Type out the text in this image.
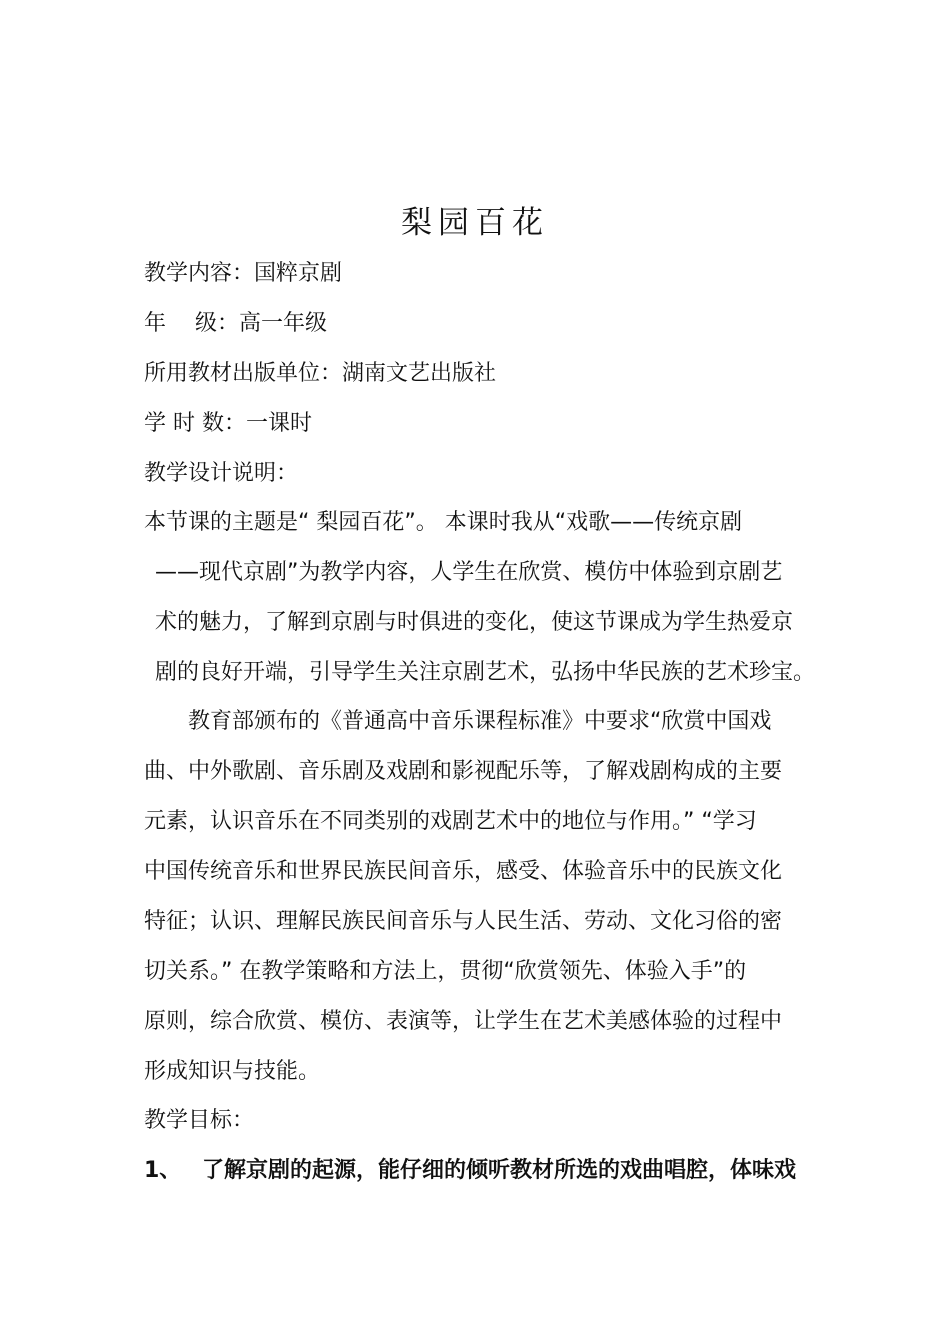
梨园百花
教学内容：国粹京剧
年　 级：高一年级
所用教材出版单位：湖南文艺出版社
学 时 数：一课时
教学设计说明：
本节课的主题是“ 梨园百花”。 本课时我从“戏歌——传统京剧
——现代京剧”为教学内容，人学生在欣赏、模仿中体验到京剧艺
术的魅力，了解到京剧与时俱进的变化，使这节课成为学生热爱京
剧的良好开端，引导学生关注京剧艺术，弘扬中华民族的艺术珍宝。
教育部颁布的《普通高中音乐课程标准》中要求“欣赏中国戏
曲、中外歌剧、音乐剧及戏剧和影视配乐等，了解戏剧构成的主要
元素，认识音乐在不同类别的戏剧艺术中的地位与作用。” “学习
中国传统音乐和世界民族民间音乐，感受、体验音乐中的民族文化
特征；认识、理解民族民间音乐与人民生活、劳动、文化习俗的密
切关系。” 在教学策略和方法上，贯彻“欣赏领先、体验入手”的
原则，综合欣赏、模仿、表演等，让学生在艺术美感体验的过程中
形成知识与技能。
教学目标：
1、 了解京剧的起源，能仔细的倾听教材所选的戏曲唱腔，体味戏
